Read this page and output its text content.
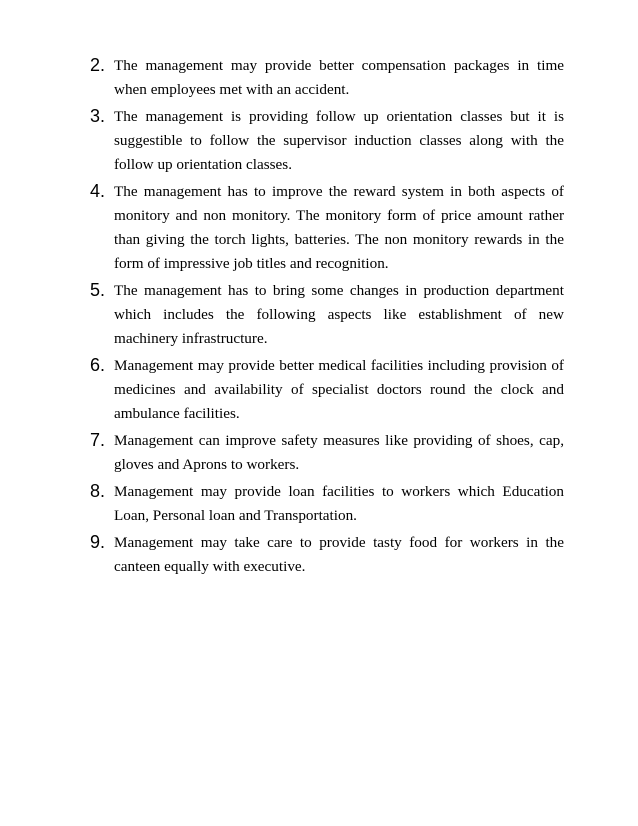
2. The management may provide better compensation packages in time when employees met with an accident.
3. The management is providing follow up orientation classes but it is suggestible to follow the supervisor induction classes along with the follow up orientation classes.
4. The management has to improve the reward system in both aspects of monitory and non monitory. The monitory form of price amount rather than giving the torch lights, batteries. The non monitory rewards in the form of impressive job titles and recognition.
5. The management has to bring some changes in production department which includes the following aspects like establishment of new machinery infrastructure.
6. Management may provide better medical facilities including provision of medicines and availability of specialist doctors round the clock and ambulance facilities.
7. Management can improve safety measures like providing of shoes, cap, gloves and Aprons to workers.
8. Management may provide loan facilities to workers which Education Loan, Personal loan and Transportation.
9. Management may take care to provide tasty food for workers in the canteen equally with executive.
